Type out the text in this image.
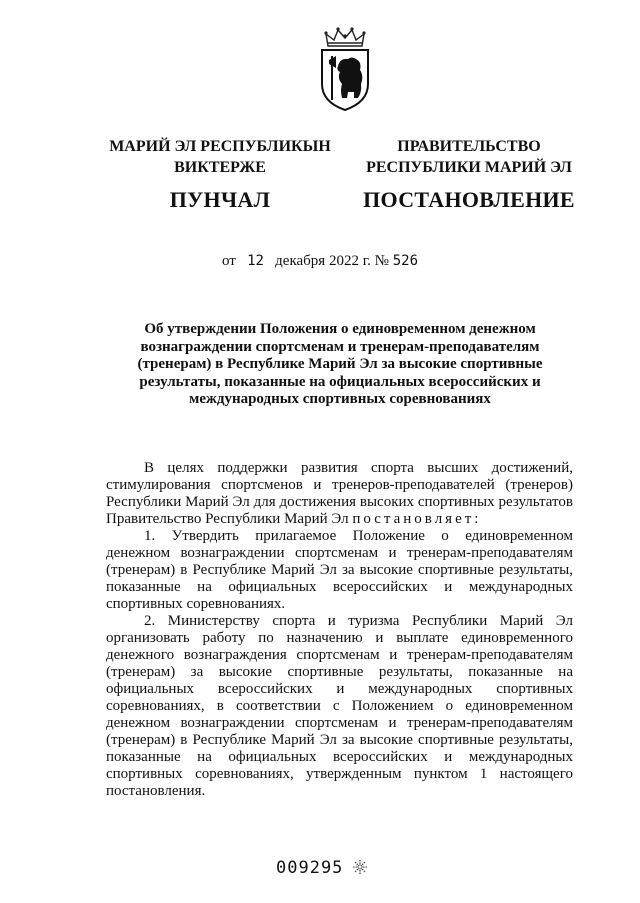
МАРИЙ ЭЛ РЕСПУБЛИКЫН
ВИКТЕРЖЕ
ПУНЧАЛ
ПРАВИТЕЛЬСТВО
РЕСПУБЛИКИ МАРИЙ ЭЛ
ПОСТАНОВЛЕНИЕ
от 12 декабря 2022 г. № 526
Об утверждении Положения о единовременном денежном вознаграждении спортсменам и тренерам-преподавателям (тренерам) в Республике Марий Эл за высокие спортивные результаты, показанные на официальных всероссийских и международных спортивных соревнованиях

В целях поддержки развития спорта высших достижений, стимулирования спортсменов и тренеров-преподавателей (тренеров) Республики Марий Эл для достижения высоких спортивных результатов Правительство Республики Марий Эл постановляет:

1. Утвердить прилагаемое Положение о единовременном денежном вознаграждении спортсменам и тренерам-преподавателям (тренерам) в Республике Марий Эл за высокие спортивные результаты, показанные на официальных всероссийских и международных спортивных соревнованиях.

2. Министерству спорта и туризма Республики Марий Эл организовать работу по назначению и выплате единовременного денежного вознаграждения спортсменам и тренерам-преподавателям (тренерам) за высокие спортивные результаты, показанные на официальных всероссийских и международных спортивных соревнованиях, в соответствии с Положением о единовременном денежном вознаграждении спортсменам и тренерам-преподавателям (тренерам) в Республике Марий Эл за высокие спортивные результаты, показанные на официальных всероссийских и международных спортивных соревнованиях, утвержденным пунктом 1 настоящего постановления.

009295
